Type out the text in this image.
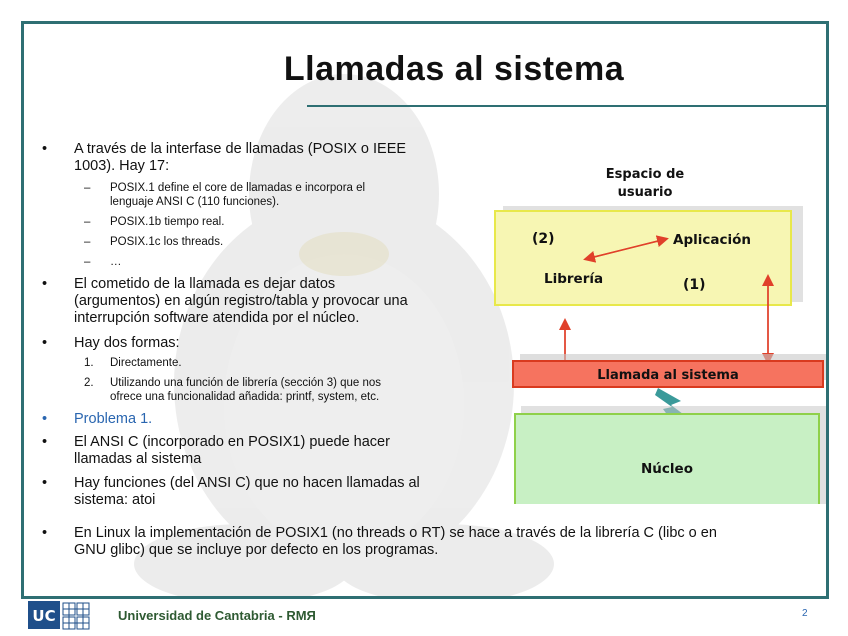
Llamadas al sistema
• A través de la interfase de llamadas (POSIX o IEEE
1003). Hay 17:
– POSIX.1 define el core de llamadas e incorpora el
lenguaje ANSI C (110 funciones).
– POSIX.1b tiempo real.
– POSIX.1c los threads.
– …
• El cometido de la llamada es dejar datos
(argumentos) en algún registro/tabla y provocar una
interrupción software atendida por el núcleo.
• Hay dos formas:
1. Directamente.
2. Utilizando una función de librería (sección 3) que nos
ofrece una funcionalidad añadida: printf, system, etc.
• Problema 1.
• El ANSI C (incorporado en POSIX1) puede hacer
llamadas al sistema
• Hay funciones (del ANSI C) que no hacen llamadas al
sistema: atoi
• En Linux la implementación de POSIX1 (no threads o RT) se hace a través de la librería C (libc o en
GNU glibc) que se incluye por defecto en los programas.
Espacio de
usuario
(2)	Aplicación
Librería	(1)
Llamada al sistema
Núcleo
UC	Universidad de Cantabria - RMЯ	2
